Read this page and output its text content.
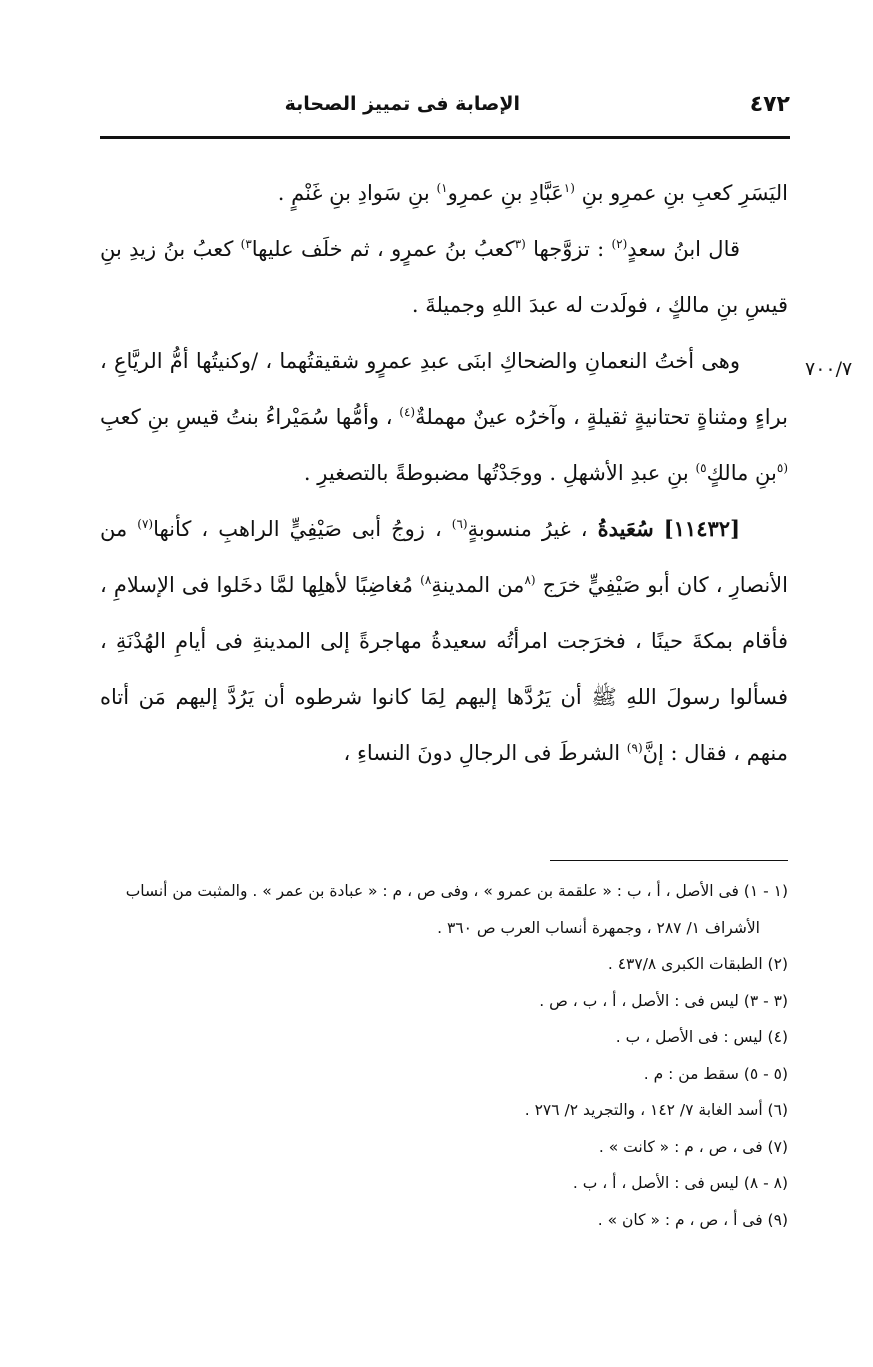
٤٧٢
الإصابة فى تمييز الصحابة
٧٠٠/٧

اليَسَرِ كعبِ بنِ عمرِو بنِ $^{(١}$عَبَّادِ بنِ عمرِو$^{١)}$ بنِ سَوادِ بنِ غَنْمٍ .

قال ابنُ سعدٍ$^{(٢)}$ : تزوَّجها $^{(٣}$كعبُ بنُ عمرٍو ، ثم خلَف عليها$^{٣)}$ كعبُ بنُ زيدِ بنِ قيسِ بنِ مالكٍ ، فولَدت له عبدَ اللهِ وجميلةَ .

وهى أختُ النعمانِ والضحاكِ ابنَى عبدِ عمرٍو شقيقتُهما ، /وكنيتُها أمُّ الريَّاعِ ، براءٍ ومثناةٍ تحتانيةٍ ثقيلةٍ ، وآخرُه عينٌ مهملةٌ$^{(٤)}$ ، وأمُّها سُمَيْراءُ بنتُ قيسِ بنِ كعبِ $^{(٥}$بنِ مالكٍ$^{٥)}$ بنِ عبدِ الأشهلِ . ووجَدْتُها مضبوطةً بالتصغيرِ .

[١١٤٣٢] سُعَيدةُ ، غيرُ منسوبةٍ$^{(٦)}$ ، زوجُ أبى صَيْفِيٍّ الراهبِ ، كأنها$^{(٧)}$ من الأنصارِ ، كان أبو صَيْفِيٍّ خرَج $^{(٨}$من المدينةِ$^{٨)}$ مُغاضِبًا لأهلِها لمَّا دخَلوا فى الإسلامِ ، فأقام بمكةَ حينًا ، فخرَجت امرأتُه سعيدةُ مهاجرةً إلى المدينةِ فى أيامِ الهُدْنَةِ ، فسألوا رسولَ اللهِ ﷺ أن يَرُدَّها إليهم لِمَا كانوا شرطوه أن يَرُدَّ إليهم مَن أتاه منهم ، فقال : إنَّ$^{(٩)}$ الشرطَ فى الرجالِ دونَ النساءِ ،

(١ - ١) فى الأصل ، أ ، ب : « علقمة بن عمرو » ، وفى ص ، م : « عبادة بن عمر » . والمثبت من أنساب

الأشراف ١/ ٢٨٧ ، وجمهرة أنساب العرب ص ٣٦٠ .

(٢) الطبقات الكبرى ٤٣٧/٨ .

(٣ - ٣) ليس فى : الأصل ، أ ، ب ، ص .

(٤) ليس : فى الأصل ، ب .

(٥ - ٥) سقط من : م .

(٦) أسد الغابة ٧/ ١٤٢ ، والتجريد ٢/ ٢٧٦ .

(٧) فى ، ص ، م : « كانت » .

(٨ - ٨) ليس فى : الأصل ، أ ، ب .

(٩) فى أ ، ص ، م : « كان » .
